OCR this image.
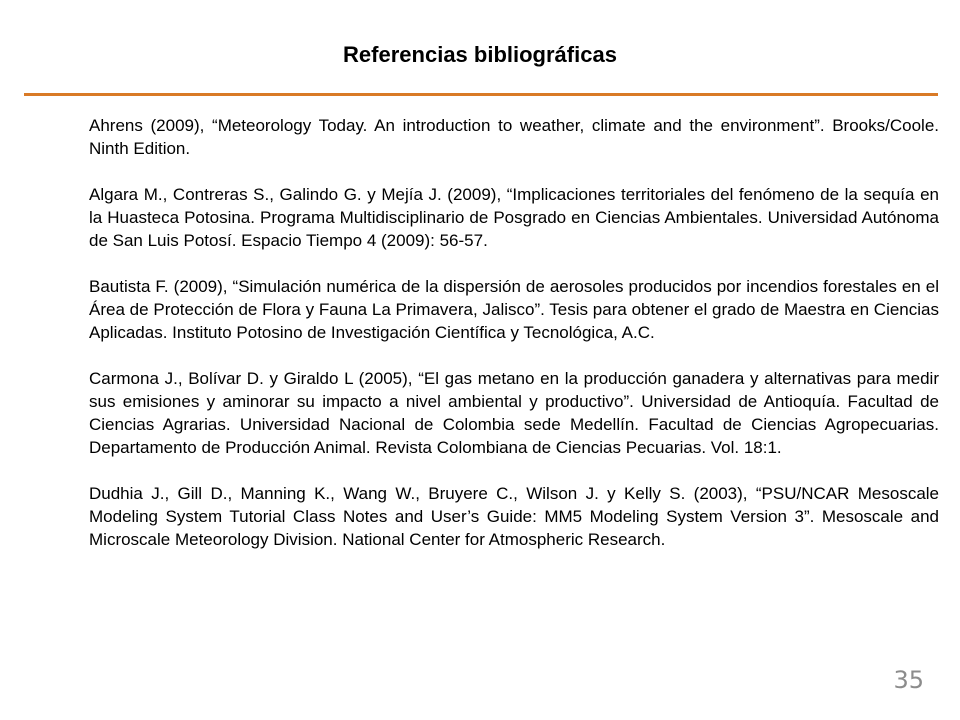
Referencias bibliográficas

Ahrens (2009), “Meteorology Today. An introduction to weather, climate and the environment”. Brooks/Coole. Ninth Edition.

Algara M., Contreras S., Galindo G. y Mejía J. (2009), “Implicaciones territoriales del fenómeno de la sequía en la Huasteca Potosina. Programa Multidisciplinario de Posgrado en Ciencias Ambientales. Universidad Autónoma de San Luis Potosí. Espacio Tiempo 4 (2009): 56-57.

Bautista F. (2009), “Simulación numérica de la dispersión de aerosoles producidos por incendios forestales en el Área de Protección de Flora y Fauna La Primavera, Jalisco”. Tesis para obtener el grado de Maestra en Ciencias Aplicadas. Instituto Potosino de Investigación Científica y Tecnológica, A.C.

Carmona J., Bolívar D. y Giraldo L (2005), “El gas metano en la producción ganadera y alternativas para medir sus emisiones y aminorar su impacto a nivel ambiental y productivo”. Universidad de Antioquía. Facultad de Ciencias Agrarias. Universidad Nacional de Colombia sede Medellín. Facultad de Ciencias Agropecuarias. Departamento de Producción Animal. Revista Colombiana de Ciencias Pecuarias. Vol. 18:1.

Dudhia J., Gill D., Manning K., Wang W., Bruyere C., Wilson J. y Kelly S. (2003), “PSU/NCAR Mesoscale Modeling System Tutorial Class Notes and User’s Guide: MM5 Modeling System Version 3”. Mesoscale and Microscale Meteorology Division. National Center for Atmospheric Research.

35
